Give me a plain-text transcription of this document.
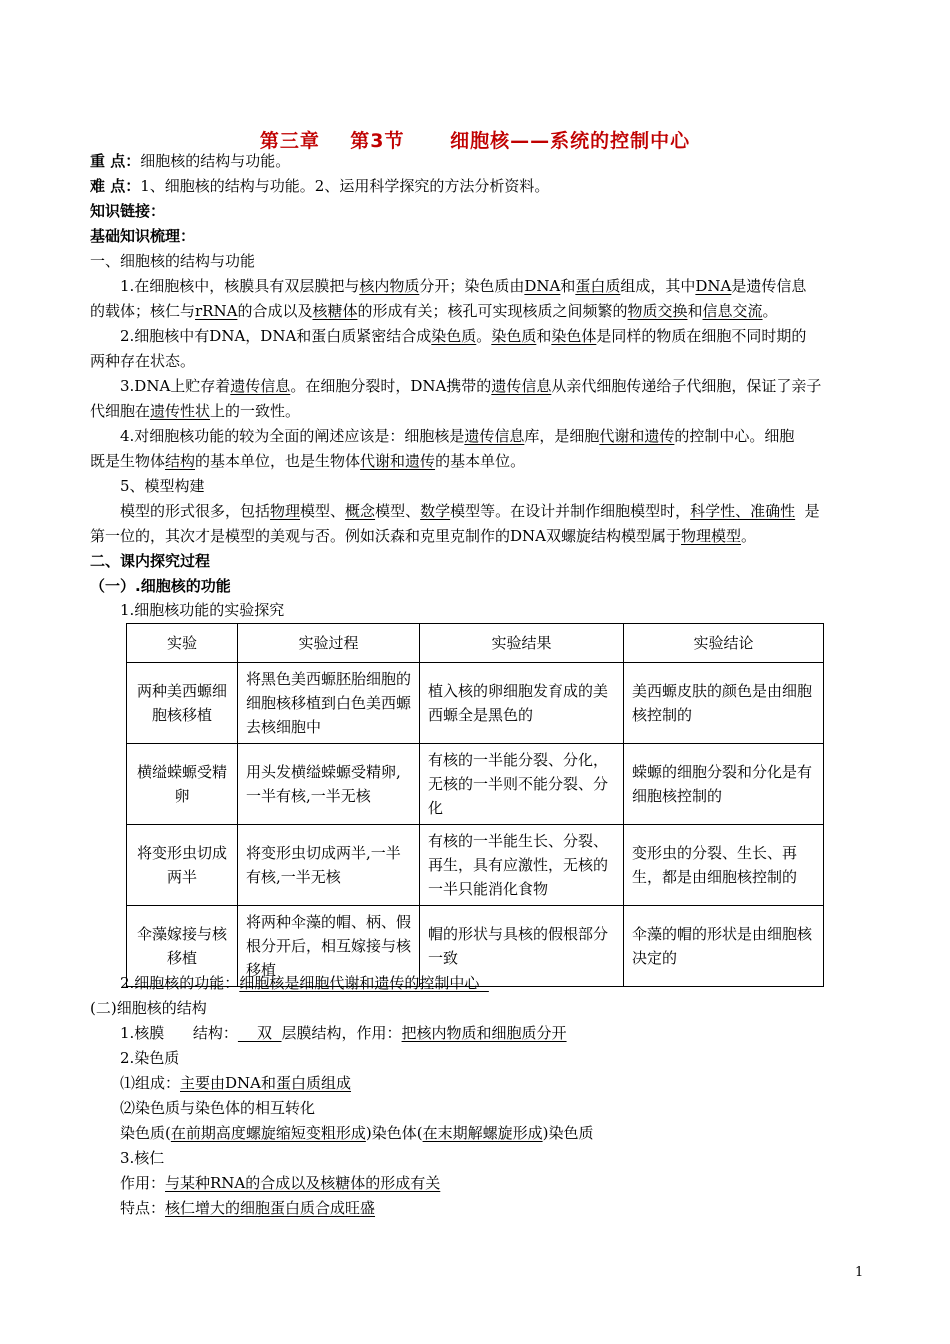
第三章    第3节      细胞核——系统的控制中心
重 点：细胞核的结构与功能。
难 点：1、细胞核的结构与功能。2、运用科学探究的方法分析资料。
知识链接：
基础知识梳理：
一、细胞核的结构与功能
1.在细胞核中，核膜具有双层膜把与核内物质分开；染色质由DNA和蛋白质组成，其中DNA是遗传信息
的载体；核仁与rRNA的合成以及核糖体的形成有关；核孔可实现核质之间频繁的物质交换和信息交流。
2.细胞核中有DNA，DNA和蛋白质紧密结合成染色质。染色质和染色体是同样的物质在细胞不同时期的
两种存在状态。
3.DNA上贮存着遗传信息。在细胞分裂时，DNA携带的遗传信息从亲代细胞传递给子代细胞，保证了亲子
代细胞在遗传性状上的一致性。
4.对细胞核功能的较为全面的阐述应该是：细胞核是遗传信息库，是细胞代谢和遗传的控制中心。细胞
既是生物体结构的基本单位，也是生物体代谢和遗传的基本单位。
5、模型构建
模型的形式很多，包括物理模型、概念模型、数学模型等。在设计并制作细胞模型时，科学性、准确性  是
第一位的，其次才是模型的美观与否。例如沃森和克里克制作的DNA双螺旋结构模型属于物理模型。
二、课内探究过程
（一）.细胞核的功能
1.细胞核功能的实验探究
实验	实验过程	实验结果	实验结论
两种美西螈细胞核移植	将黑色美西螈胚胎细胞的细胞核移植到白色美西螈去核细胞中	植入核的卵细胞发育成的美西螈全是黑色的	美西螈皮肤的颜色是由细胞核控制的
横缢蝾螈受精卵	用头发横缢蝾螈受精卵,一半有核,一半无核	有核的一半能分裂、分化，无核的一半则不能分裂、分化	蝾螈的细胞分裂和分化是有细胞核控制的
将变形虫切成两半	将变形虫切成两半,一半有核,一半无核	有核的一半能生长、分裂、再生，具有应激性，无核的一半只能消化食物	变形虫的分裂、生长、再生，都是由细胞核控制的
伞藻嫁接与核移植	将两种伞藻的帽、柄、假根分开后，相互嫁接与核移植	帽的形状与具核的假根部分一致	伞藻的帽的形状是由细胞核决定的
2.细胞核的功能：细胞核是细胞代谢和遗传的控制中心
(二)细胞核的结构
1.核膜      结构：    双  层膜结构，作用：把核内物质和细胞质分开
2.染色质
⑴组成：主要由DNA和蛋白质组成
⑵染色质与染色体的相互转化
染色质(在前期高度螺旋缩短变粗形成)染色体(在末期解螺旋形成)染色质
3.核仁
作用：与某种RNA的合成以及核糖体的形成有关
特点：核仁增大的细胞蛋白质合成旺盛
1
